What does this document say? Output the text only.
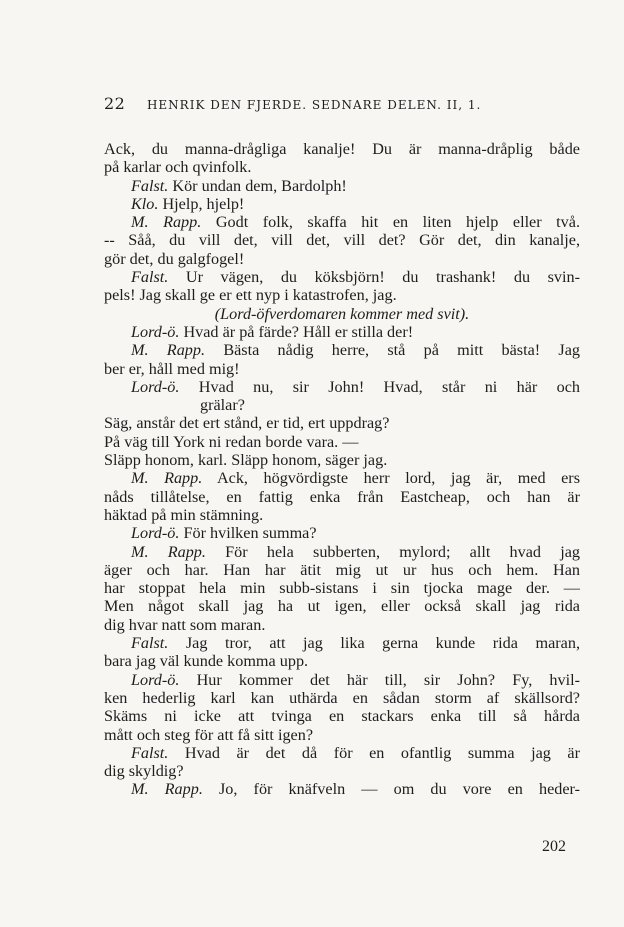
22 HENRIK DEN FJERDE. SEDNARE DELEN. II, 1.
Ack, du manna-drågliga kanalje! Du är manna-dråplig både
på karlar och qvinfolk.
Falst. Kör undan dem, Bardolph!
Klo. Hjelp, hjelp!
M. Rapp. Godt folk, skaffa hit en liten hjelp eller två.
-- Såå, du vill det, vill det, vill det? Gör det, din kanalje,
gör det, du galgfogel!
Falst. Ur vägen, du köksbjörn! du trashank! du svin-
pels! Jag skall ge er ett nyp i katastrofen, jag.
(Lord-öfverdomaren kommer med svit).
Lord-ö. Hvad är på färde? Håll er stilla der!
M. Rapp. Bästa nådig herre, stå på mitt bästa! Jag
ber er, håll med mig!
Lord-ö. Hvad nu, sir John! Hvad, står ni här och
grälar?
Säg, anstår det ert stånd, er tid, ert uppdrag?
På väg till York ni redan borde vara. —
Släpp honom, karl. Släpp honom, säger jag.
M. Rapp. Ack, högvördigste herr lord, jag är, med ers
nåds tillåtelse, en fattig enka från Eastcheap, och han är
häktad på min stämning.
Lord-ö. För hvilken summa?
M. Rapp. För hela subberten, mylord; allt hvad jag
äger och har. Han har ätit mig ut ur hus och hem. Han
har stoppat hela min subb-sistans i sin tjocka mage der. —
Men något skall jag ha ut igen, eller också skall jag rida
dig hvar natt som maran.
Falst. Jag tror, att jag lika gerna kunde rida maran,
bara jag väl kunde komma upp.
Lord-ö. Hur kommer det här till, sir John? Fy, hvil-
ken hederlig karl kan uthärda en sådan storm af skällsord?
Skäms ni icke att tvinga en stackars enka till så hårda
mått och steg för att få sitt igen?
Falst. Hvad är det då för en ofantlig summa jag är
dig skyldig?
M. Rapp. Jo, för knäfveln — om du vore en heder-
202
